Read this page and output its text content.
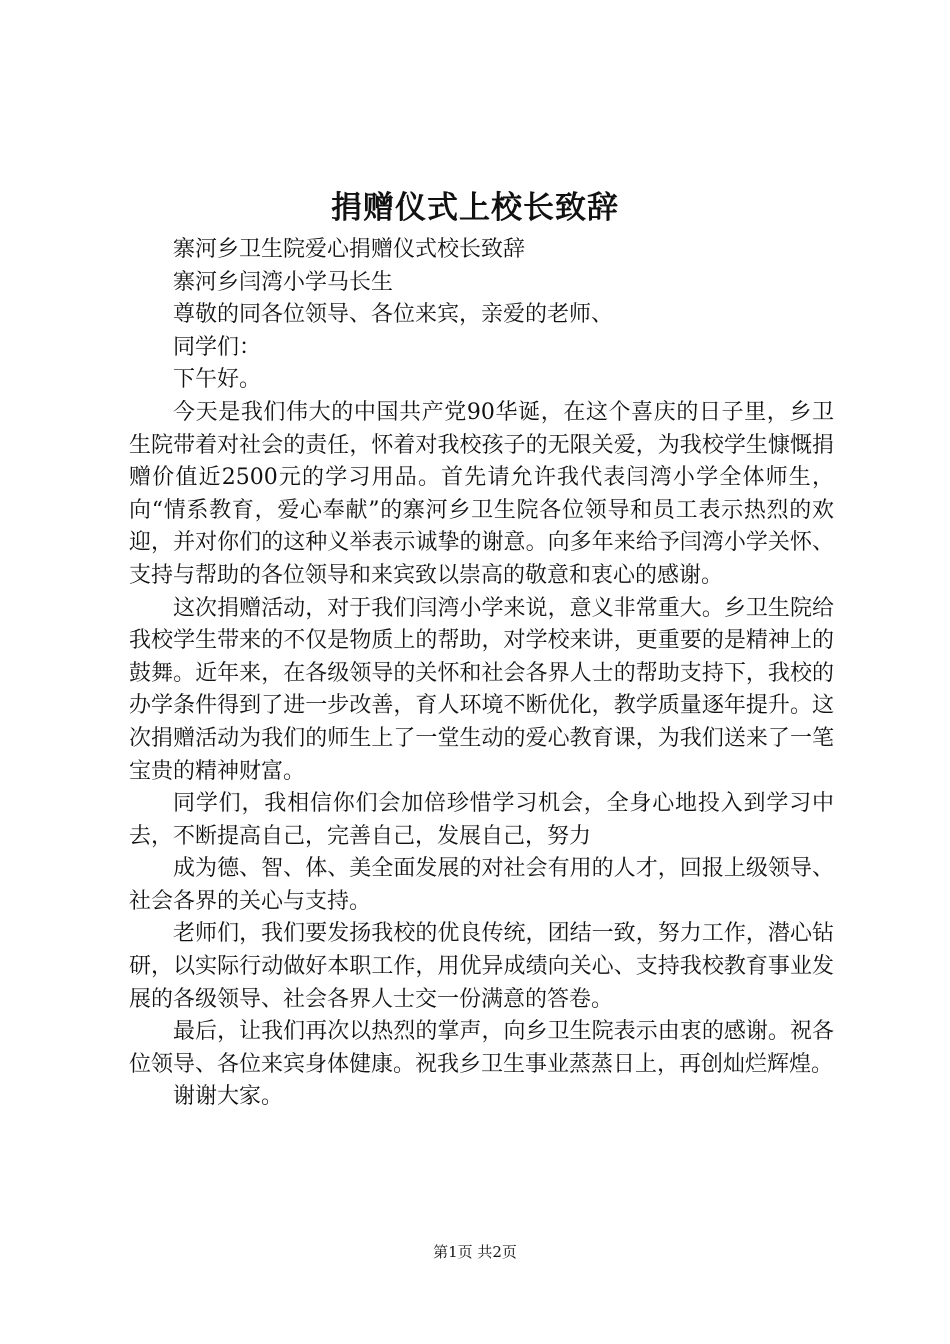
捐赠仪式上校长致辞

寨河乡卫生院爱心捐赠仪式校长致辞

寨河乡闫湾小学马长生

尊敬的同各位领导、各位来宾，亲爱的老师、

同学们：

下午好。

今天是我们伟大的中国共产党90华诞，在这个喜庆的日子里，乡卫生院带着对社会的责任，怀着对我校孩子的无限关爱，为我校学生慷慨捐赠价值近2500元的学习用品。首先请允许我代表闫湾小学全体师生，向“情系教育，爱心奉献”的寨河乡卫生院各位领导和员工表示热烈的欢迎，并对你们的这种义举表示诚挚的谢意。向多年来给予闫湾小学关怀、支持与帮助的各位领导和来宾致以崇高的敬意和衷心的感谢。

这次捐赠活动，对于我们闫湾小学来说，意义非常重大。乡卫生院给我校学生带来的不仅是物质上的帮助，对学校来讲，更重要的是精神上的鼓舞。近年来，在各级领导的关怀和社会各界人士的帮助支持下，我校的办学条件得到了进一步改善，育人环境不断优化，教学质量逐年提升。这次捐赠活动为我们的师生上了一堂生动的爱心教育课，为我们送来了一笔宝贵的精神财富。

同学们，我相信你们会加倍珍惜学习机会，全身心地投入到学习中去，不断提高自己，完善自己，发展自己，努力

成为德、智、体、美全面发展的对社会有用的人才，回报上级领导、社会各界的关心与支持。

老师们，我们要发扬我校的优良传统，团结一致，努力工作，潜心钻研，以实际行动做好本职工作，用优异成绩向关心、支持我校教育事业发展的各级领导、社会各界人士交一份满意的答卷。

最后，让我们再次以热烈的掌声，向乡卫生院表示由衷的感谢。祝各位领导、各位来宾身体健康。祝我乡卫生事业蒸蒸日上，再创灿烂辉煌。

谢谢大家。

第1页 共2页
